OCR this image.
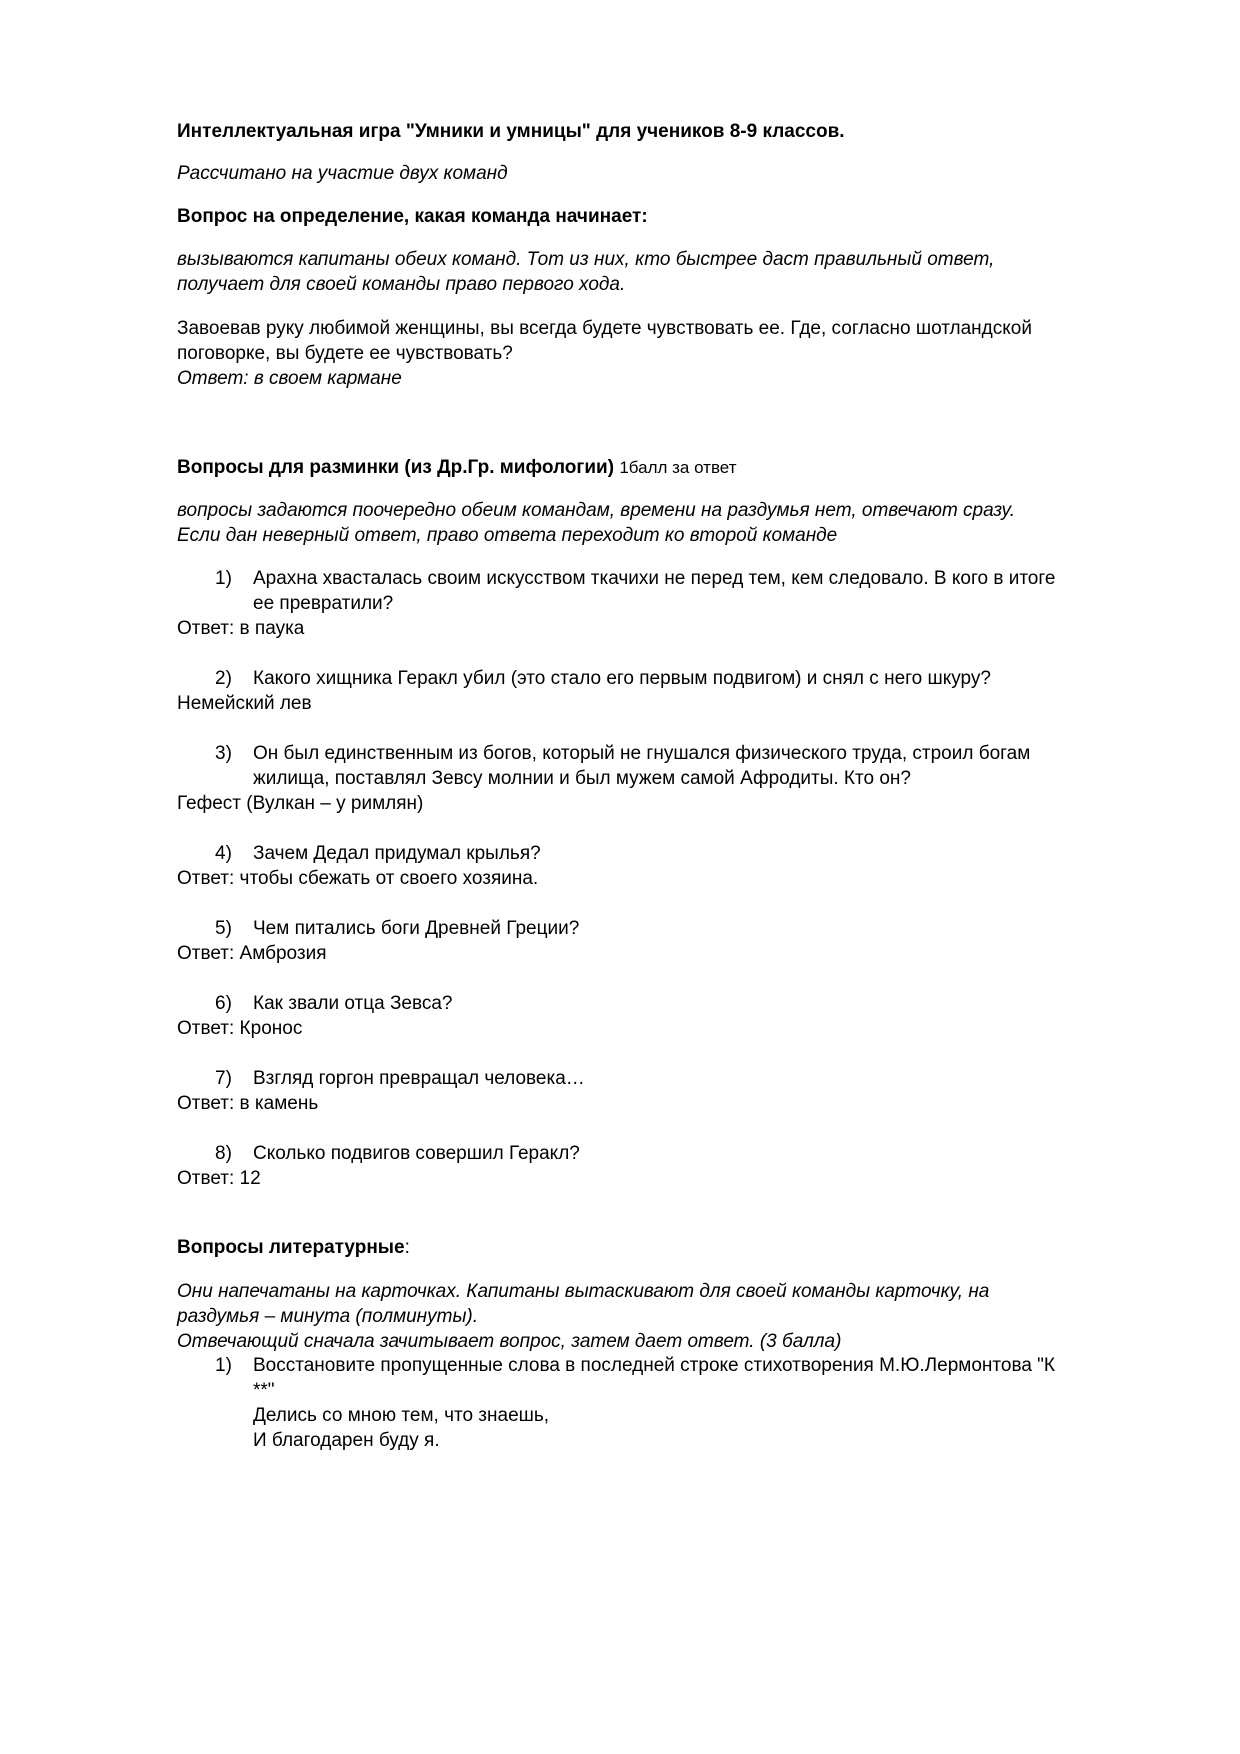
Интеллектуальная игра "Умники и умницы" для учеников 8-9 классов.
Рассчитано на участие двух команд
Вопрос на определение, какая команда начинает:
вызываются капитаны обеих команд. Тот из них, кто быстрее даст правильный ответ,
получает для своей команды право первого хода.
Завоевав руку любимой женщины, вы всегда будете чувствовать ее. Где, согласно шотландской
поговорке, вы будете ее чувствовать?
Ответ: в своем кармане
Вопросы для разминки (из Др.Гр. мифологии) 1балл за ответ
вопросы задаются поочередно обеим командам, времени на раздумья нет, отвечают сразу.
Если дан неверный ответ, право ответа переходит ко второй команде
1)	Арахна хвасталась своим искусством ткачихи не перед тем, кем следовало. В кого в итоге
ее превратили?
Ответ: в паука
2)	Какого хищника Геракл убил (это стало его первым подвигом) и снял с него шкуру?
Немейский лев
3)	Он был единственным из богов, который не гнушался физического труда, строил богам
жилища, поставлял Зевсу молнии и был мужем самой Афродиты. Кто он?
Гефест (Вулкан – у римлян)
4)	Зачем Дедал придумал крылья?
Ответ: чтобы сбежать от своего хозяина.
5)	Чем питались боги Древней Греции?
Ответ: Амброзия
6)	Как звали отца Зевса?
Ответ: Кронос
7)	Взгляд горгон превращал человека…
Ответ: в камень
8)	Сколько подвигов совершил Геракл?
Ответ: 12
Вопросы литературные:
Они напечатаны на карточках. Капитаны вытаскивают для своей команды карточку, на
раздумья – минута (полминуты).
Отвечающий сначала зачитывает вопрос, затем дает ответ. (3 балла)
1)	Восстановите пропущенные слова в последней строке стихотворения М.Ю.Лермонтова "К
**"
Делись со мною тем, что знаешь,
И благодарен буду я.
